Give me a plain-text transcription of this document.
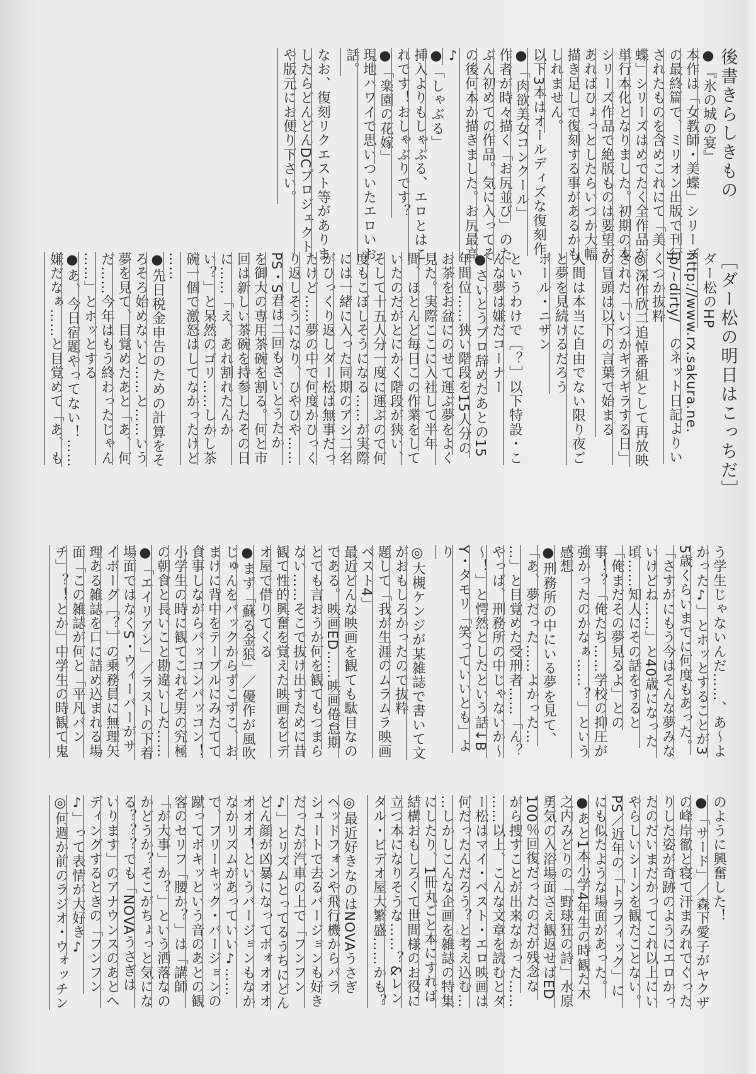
後書きらしきもの
●『氷の城の宴』
本作は「女教師・美蝶」シリーズ
の最終篇で、ミリオン出版で刊行
されたものを含めこれにて「美
蝶」シリーズはめでたく全作品が
単行本化となりました。初期の本
シリーズ作品で絶版ものは要望が
あればひょっとしたらいつか大幅
描き足しで復刻する事があるかも
しれません。
以下3本はオールディズな復刻作
●「肉欲美女コンクール」
作者が時々描く「お尻並び」のた
ぶん初めての作品。気に入ってそ
の後何本か描きました。お尻最高
♪
●「しゃぶる」
挿入よりもしゃぶる、エロとはこ
れです！おしゃぶりです？
●「楽園の花嫁」
現地ハワイで思いついたエロいお
話。
なお、復刻リクエスト等がありま
したらどんどんDCプロジェクト
や版元にお便り下さい。
［ダー松の明日はこっちだ］
ダー松のHP
http://www.rx.sakura.ne.
jp/~dirty/　のネット日記よりい
くつか抜粋
◎深作欣二追悼番組として再放映
された「いつかギラギラする日」
の冒頭は以下の言葉で始まる
人間は本当に自由でない限り夜ご
と夢を見続けるだろう
ポール・ニザン
というわけで［？］以下特設・こ
んな夢は嫌だコーナー
●さいとうプロ辞めたあとの15
年間位……狭い階段を15人分の
お茶をお盆にのせて運ぶ夢をよく
見た。実際ここに入社して半年
間、ほとんど毎日この作業をして
いたのだがとにかく階段が狭い、
そして十五人分一度に運ぶので何
度もこぼしそうになる……が実際
には一緒に入った同期のアシ二名
がひっくり返しダー松は無事だっ
たけど……夢の中で何度かひっく
り返しそうになり、ひやひや……
PS・S君は二回もさいとうたか
を御大の専用茶碗を割る。何と市
回は新しい茶碗を持参したその日
に……「え、あれ割れたんか
い？」と呆然のゴリ……しかし茶
碗一個で激怒はしてなかったけど
……
●先日税金申告のための計算をそ
ろそろ始めないと……と……いう
夢を見て、目覚めたあと「あ、何
だ……今年はもう終わったじゃん
……」とホッとする
●あ、今日宿題やってない！……
嫌だなぁ……と目覚めて「あ、も
う学生じゃないんだ……、あ～よ
かった♪」とホッとすることが3
5歳くらいまでに何度もあった。
「さすがにもう今はそんな夢みな
いけどね……」と40歳になった
頃……知人にその話をすると
「俺まだその夢見るよ」との
事！？「俺たち……学校の抑圧が
強かったのかなぁ……？」という
感想
●刑務所の中にいる夢を見て、
「あ、夢だった……よかった…
…」と目覚めた受刑者……「ん？
やっぱ、刑務所の中じゃないか～
～！」と愕然としたという話↓B
Y・タモリ「笑っていいとも」よ
り
◎大槻ケンジが某雑誌で書いて文
がおもしろかったので抜粋
題して「我が生涯のムラムラ映画
ベスト4」
最近どんな映画を観ても駄目なの
である。映画ED……映画倦怠期
とでも言おうか何を観てもつまら
ない……そこで抜け出すために昔
観て性的興奮を覚えた映画をビデ
オ屋で借りてくる
●まず「蘇る金狼」／優作が風吹
じゅんをバックからずこずこ、お
まけに背中をテーブルにみたてて
食事しながらパッコンパッコン！
小学生の時に観てこれぞ男の究極
の朝食と長いこと勘違いした……
●「エイリアン」／ラストの下着
場面ではなくS・ウィーバーがサ
イボーグ［？］の乗務員に無理矢
理ある雑誌を口に詰め込まれる場
面「この雑誌が何と「平凡パン
チ」？！とか」中学生の時観て鬼
のように興奮した！
●「サード」／森下愛子がヤクザ
の峰岸徹と寝て汗まみれでぐった
りした姿が奇跡のようにエロかっ
たのだいまだかってこれ以上にい
やらしいシーンを観たことない。
PS／近年の「トラフィック」に
にも似たような場面があった。
●あと1本小学4年生の時観た木
之内みどりの「野球狂の詩」水原
勇気の入浴場面さえ観返せばED
100％回復だったのだが残念な
がら捜すことが出来なかった……
……以上、こんな文章を読むとダ
ー松はマイ・ベスト・エロ映画は
何だったんだろう？と考え込む…
…しかしこんな企画を雑誌の特集
にしたり、1冊丸ごと本にすれば
結構おもしろくて世間様のお役に
立つ本になりそうな……？&レン
タル・ビデオ屋大繁盛……かも？
◎最近好きなのはNOVAうさぎ
ヘッドフォンや飛行機からパラ
シュートで去るバージョンも好き
だったが汽車の上で「フンフン
♪」とリズムとってるうちにどん
どん顔が凶暴になってボォオオオ
オオオ！というバージョンもなか
なかリズムがあっていい♪……
で、フリーキック・バージョンの
蹴ってボキッという音のあとの観
客のセリフ「腰か？」は「講師
「が大事」か？」という洒落なの
かどうか？そこがちょっと気にな
る？？？でも「NOVAうさぎは
いります」のアナウンスのあとへ
ディングするときの「フンフン
♪」って表情が大好き♪
◎何週か前のラジオ・ウォッチン
